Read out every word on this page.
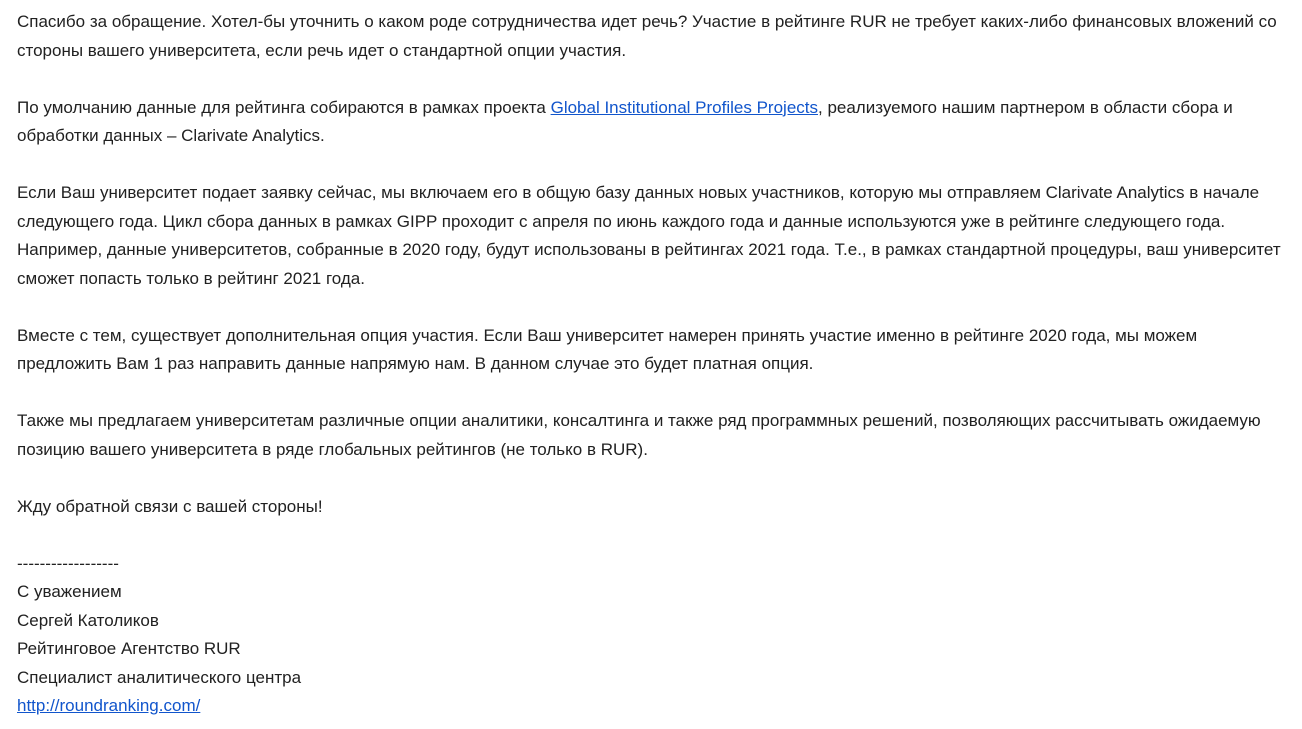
Спасибо за обращение. Хотел-бы уточнить о каком роде сотрудничества идет речь? Участие в рейтинге RUR не требует каких-либо финансовых вложений со стороны вашего университета, если речь идет о стандартной опции участия.

По умолчанию данные для рейтинга собираются в рамках проекта Global Institutional Profiles Projects, реализуемого нашим партнером в области сбора и обработки данных – Clarivate Analytics.

Если Ваш университет подает заявку сейчас, мы включаем его в общую базу данных новых участников, которую мы отправляем Clarivate Analytics в начале следующего года. Цикл сбора данных в рамках GIPP проходит с апреля по июнь каждого года и данные используются уже в рейтинге следующего года. Например, данные университетов, собранные в 2020 году, будут использованы в рейтингах 2021 года. Т.е., в рамках стандартной процедуры, ваш университет сможет попасть только в рейтинг 2021 года.

Вместе с тем, существует дополнительная опция участия. Если Ваш университет намерен принять участие именно в рейтинге 2020 года, мы можем предложить Вам 1 раз направить данные напрямую нам. В данном случае это будет платная опция.

Также мы предлагаем университетам различные опции аналитики, консалтинга и также ряд программных решений, позволяющих рассчитывать ожидаемую позицию вашего университета в ряде глобальных рейтингов (не только в RUR).

Жду обратной связи с вашей стороны!

------------------
С уважением
Сергей Католиков
Рейтинговое Агентство RUR
Специалист аналитического центра
http://roundranking.com/
